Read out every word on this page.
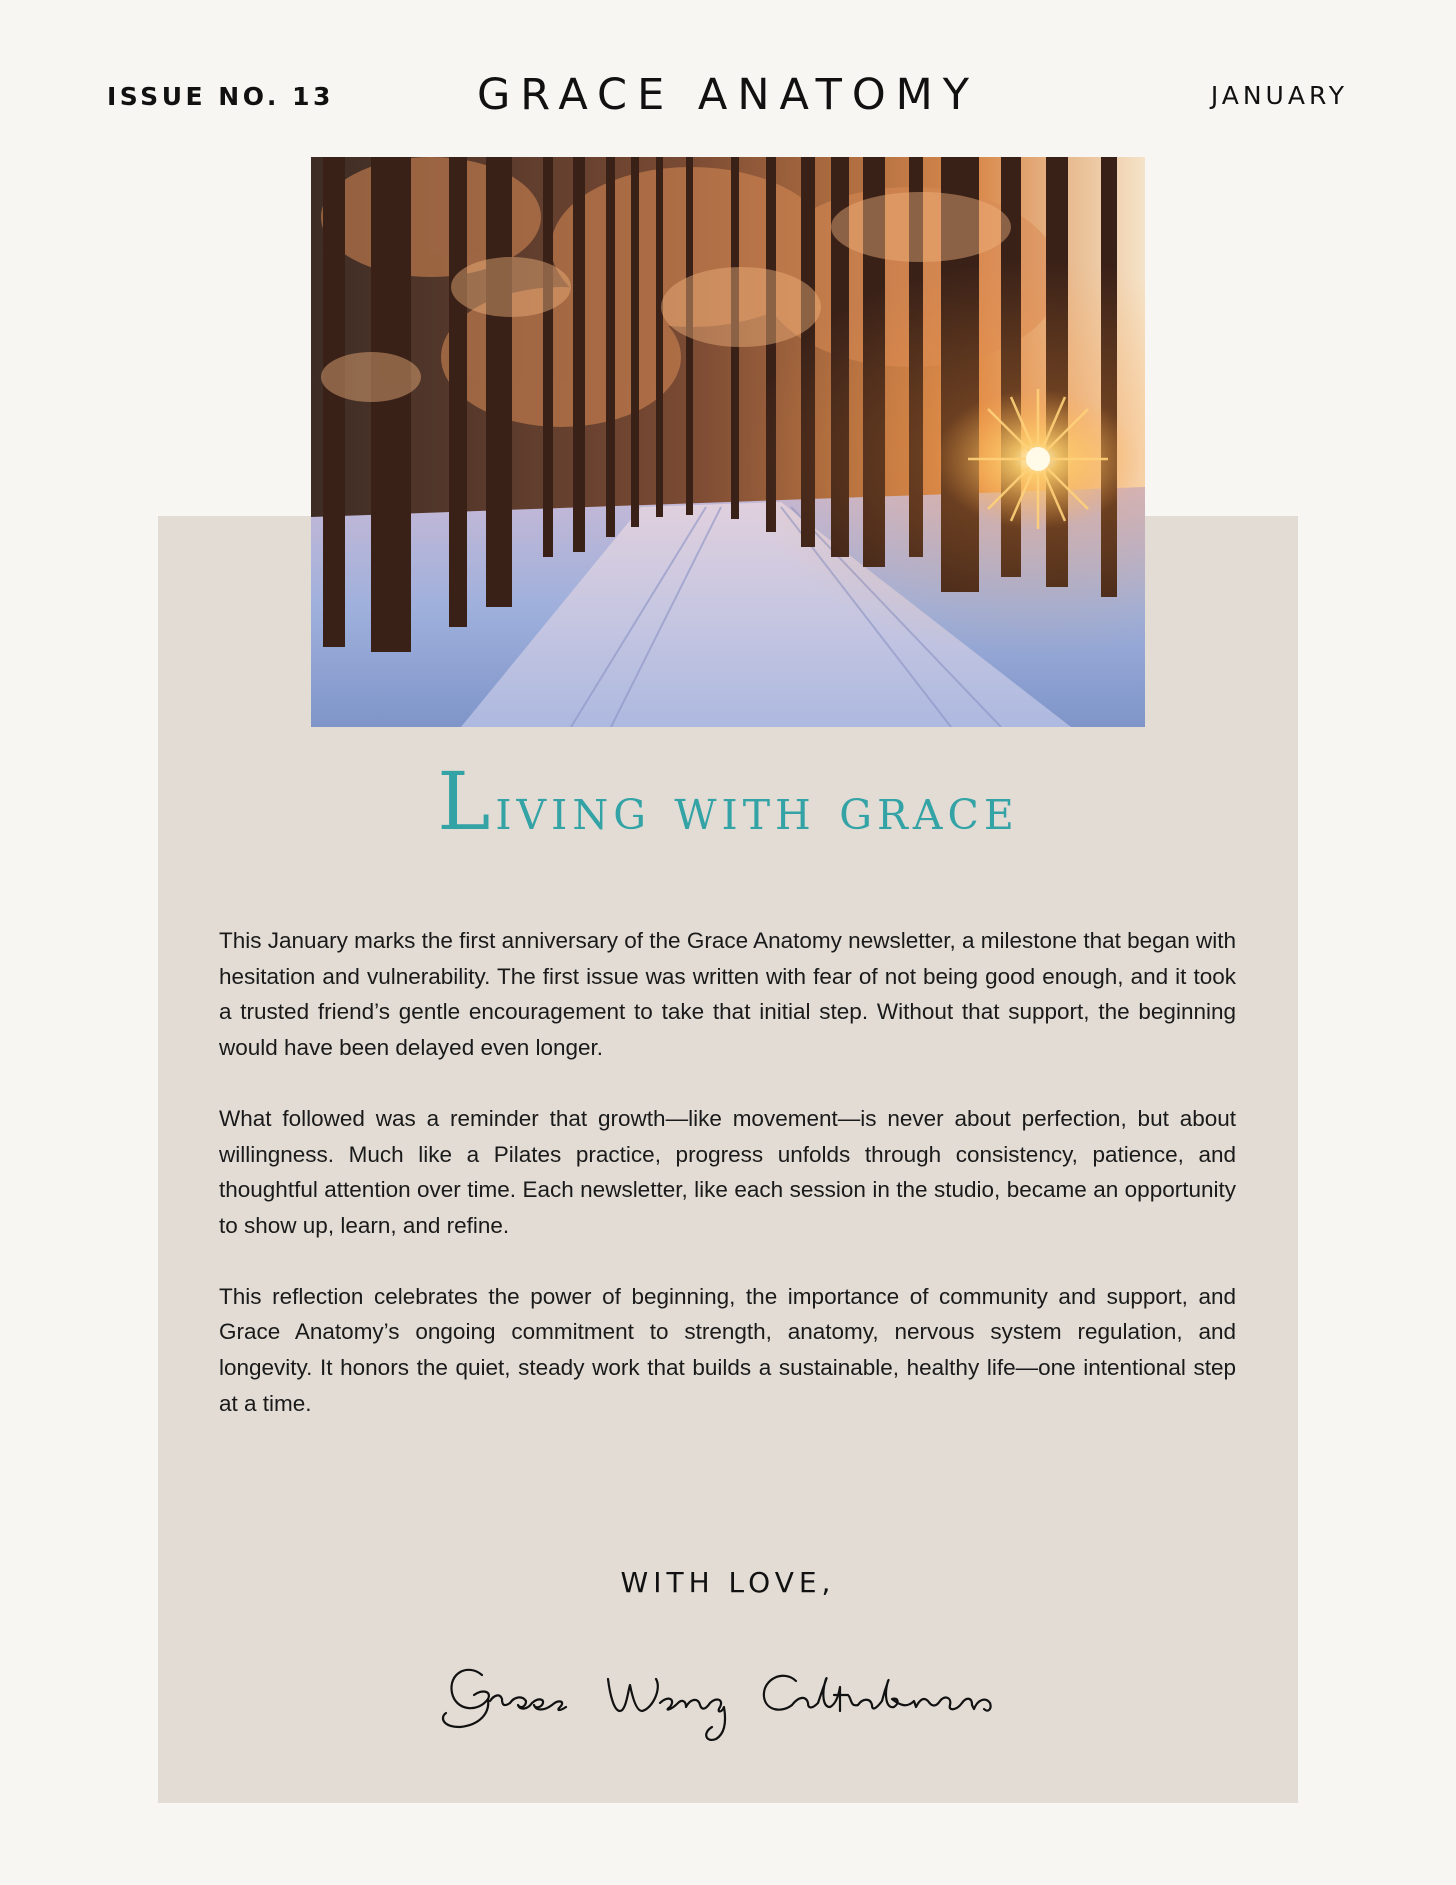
ISSUE NO. 13	GRACE ANATOMY	JANUARY
Living with grace

This January marks the first anniversary of the Grace Anatomy newsletter, a milestone that began with hesitation and vulnerability. The first issue was written with fear of not being good enough, and it took a trusted friend’s gentle encouragement to take that initial step. Without that support, the beginning would have been delayed even longer.

What followed was a reminder that growth—like movement—is never about perfection, but about willingness. Much like a Pilates practice, progress unfolds through consistency, patience, and thoughtful attention over time. Each newsletter, like each session in the studio, became an opportunity to show up, learn, and refine.

This reflection celebrates the power of beginning, the importance of community and support, and Grace Anatomy’s ongoing commitment to strength, anatomy, nervous system regulation, and longevity. It honors the quiet, steady work that builds a sustainable, healthy life—one intentional step at a time.

WITH LOVE,
